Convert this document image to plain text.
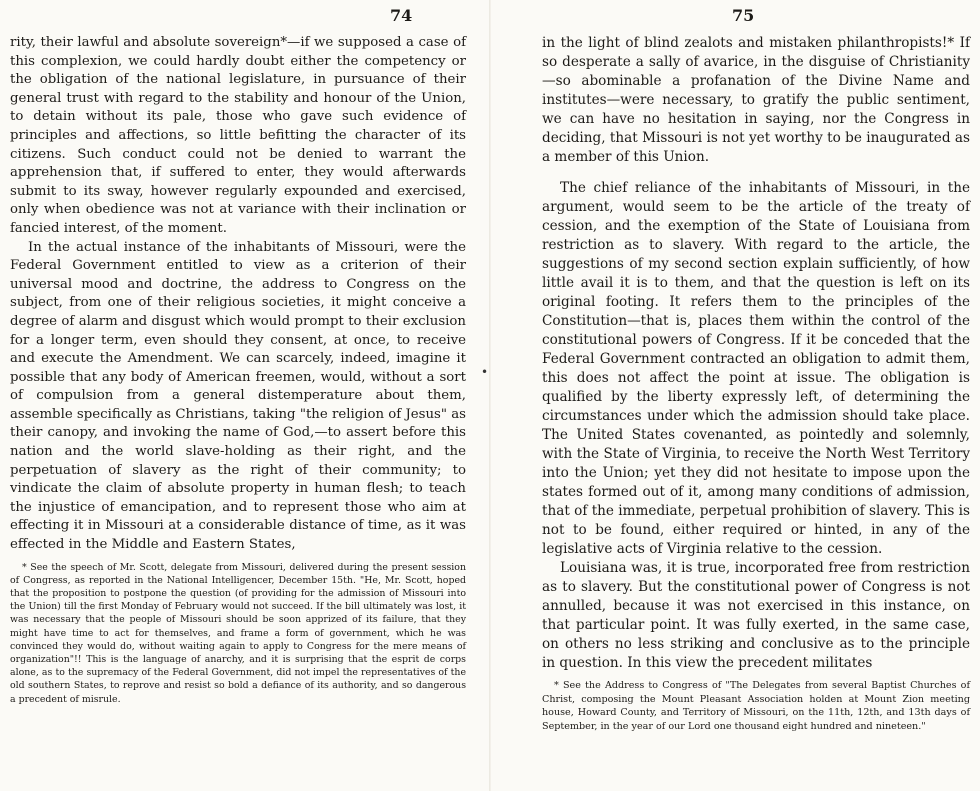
74

rity, their lawful and absolute sovereign*—if we supposed a case of this complexion, we could hardly doubt either the competency or the obligation of the national legislature, in pursuance of their general trust with regard to the stability and honour of the Union, to detain without its pale, those who gave such evidence of principles and affections, so little befitting the character of its citizens. Such conduct could not be denied to warrant the apprehension that, if suffered to enter, they would afterwards submit to its sway, however regularly expounded and exercised, only when obedience was not at variance with their inclination or fancied interest, of the moment.

In the actual instance of the inhabitants of Missouri, were the Federal Government entitled to view as a criterion of their universal mood and doctrine, the address to Congress on the subject, from one of their religious societies, it might conceive a degree of alarm and disgust which would prompt to their exclusion for a longer term, even should they consent, at once, to receive and execute the Amendment. We can scarcely, indeed, imagine it possible that any body of American freemen, would, without a sort of compulsion from a general distemperature about them, assemble specifically as Christians, taking "the religion of Jesus" as their canopy, and invoking the name of God,—to assert before this nation and the world slave-holding as their right, and the perpetuation of slavery as the right of their community; to vindicate the claim of absolute property in human flesh; to teach the injustice of emancipation, and to represent those who aim at effecting it in Missouri at a considerable distance of time, as it was effected in the Middle and Eastern States,

* See the speech of Mr. Scott, delegate from Missouri, delivered during the present session of Congress, as reported in the National Intelligencer, December 15th. "He, Mr. Scott, hoped that the proposition to postpone the question (of providing for the admission of Missouri into the Union) till the first Monday of February would not succeed. If the bill ultimately was lost, it was necessary that the people of Missouri should be soon apprized of its failure, that they might have time to act for themselves, and frame a form of government, which he was convinced they would do, without waiting again to apply to Congress for the mere means of organization"!! This is the language of anarchy, and it is surprising that the esprit de corps alone, as to the supremacy of the Federal Government, did not impel the representatives of the old southern States, to reprove and resist so bold a defiance of its authority, and so dangerous a precedent of misrule.

•
75

in the light of blind zealots and mistaken philanthropists!* If so desperate a sally of avarice, in the disguise of Christianity—so abominable a profanation of the Divine Name and institutes—were necessary, to gratify the public sentiment, we can have no hesitation in saying, nor the Congress in deciding, that Missouri is not yet worthy to be inaugurated as a member of this Union.

The chief reliance of the inhabitants of Missouri, in the argument, would seem to be the article of the treaty of cession, and the exemption of the State of Louisiana from restriction as to slavery. With regard to the article, the suggestions of my second section explain sufficiently, of how little avail it is to them, and that the question is left on its original footing. It refers them to the principles of the Constitution—that is, places them within the control of the constitutional powers of Congress. If it be conceded that the Federal Government contracted an obligation to admit them, this does not affect the point at issue. The obligation is qualified by the liberty expressly left, of determining the circumstances under which the admission should take place. The United States covenanted, as pointedly and solemnly, with the State of Virginia, to receive the North West Territory into the Union; yet they did not hesitate to impose upon the states formed out of it, among many conditions of admission, that of the immediate, perpetual prohibition of slavery. This is not to be found, either required or hinted, in any of the legislative acts of Virginia relative to the cession.

Louisiana was, it is true, incorporated free from restriction as to slavery. But the constitutional power of Congress is not annulled, because it was not exercised in this instance, on that particular point. It was fully exerted, in the same case, on others no less striking and conclusive as to the principle in question. In this view the precedent militates

* See the Address to Congress of "The Delegates from several Baptist Churches of Christ, composing the Mount Pleasant Association holden at Mount Zion meeting house, Howard County, and Territory of Missouri, on the 11th, 12th, and 13th days of September, in the year of our Lord one thousand eight hundred and nineteen."
